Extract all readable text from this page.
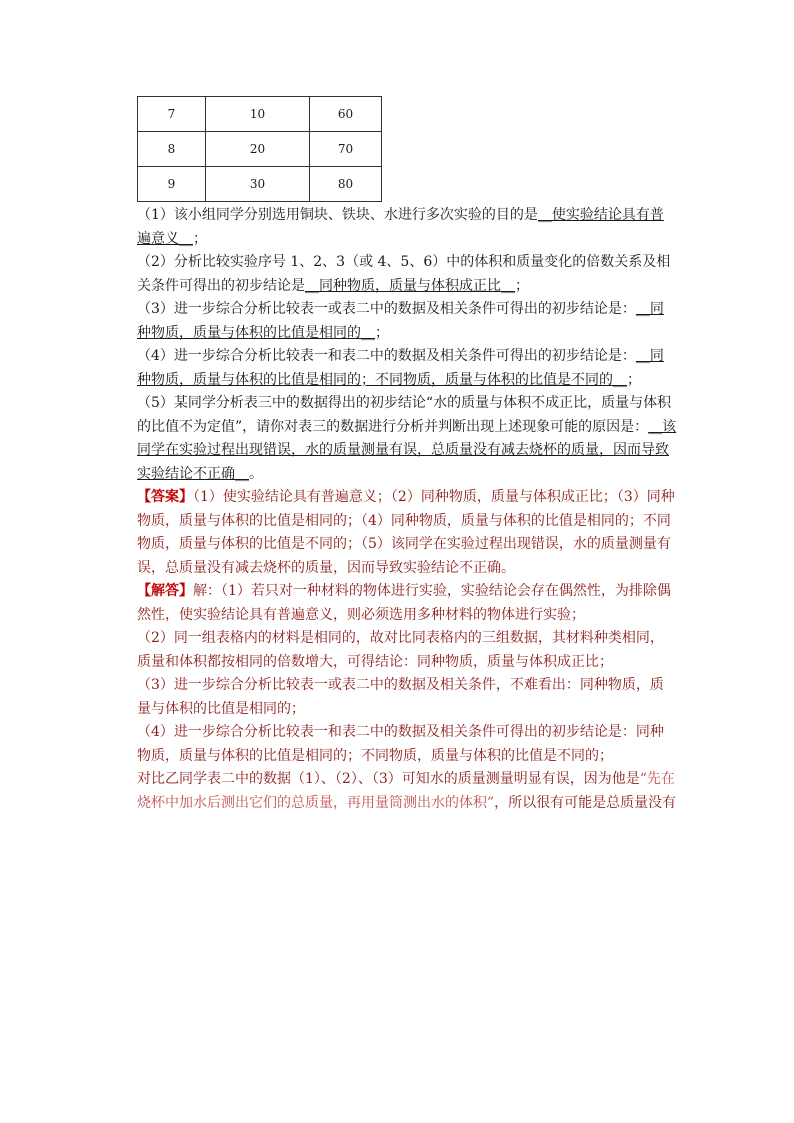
7	10	60
8	20	70
9	30	80

（1）该小组同学分别选用铜块、铁块、水进行多次实验的目的是__使实验结论具有普遍意义__；

（2）分析比较实验序号 1、2、3（或 4、5、6）中的体积和质量变化的倍数关系及相关条件可得出的初步结论是__同种物质，质量与体积成正比__；

（3）进一步综合分析比较表一或表二中的数据及相关条件可得出的初步结论是：__同种物质，质量与体积的比值是相同的__；

（4）进一步综合分析比较表一和表二中的数据及相关条件可得出的初步结论是：__同种物质，质量与体积的比值是相同的；不同物质，质量与体积的比值是不同的__；

（5）某同学分析表三中的数据得出的初步结论“水的质量与体积不成正比，质量与体积的比值不为定值”，请你对表三的数据进行分析并判断出现上述现象可能的原因是：__该同学在实验过程出现错误，水的质量测量有误，总质量没有减去烧杯的质量，因而导致实验结论不正确__。

【答案】（1）使实验结论具有普遍意义；（2）同种物质，质量与体积成正比；（3）同种物质，质量与体积的比值是相同的；（4）同种物质，质量与体积的比值是相同的；不同物质，质量与体积的比值是不同的；（5）该同学在实验过程出现错误，水的质量测量有误，总质量没有减去烧杯的质量，因而导致实验结论不正确。

【解答】解：（1）若只对一种材料的物体进行实验，实验结论会存在偶然性，为排除偶然性，使实验结论具有普遍意义，则必须选用多种材料的物体进行实验；

（2）同一组表格内的材料是相同的，故对比同表格内的三组数据，其材料种类相同，质量和体积都按相同的倍数增大，可得结论：同种物质，质量与体积成正比；

（3）进一步综合分析比较表一或表二中的数据及相关条件，不难看出：同种物质，质量与体积的比值是相同的；

（4）进一步综合分析比较表一和表二中的数据及相关条件可得出的初步结论是：同种物质，质量与体积的比值是相同的；不同物质，质量与体积的比值是不同的；

对比乙同学表二中的数据（1）、（2）、（3）可知水的质量测量明显有误，因为他是“先在烧杯中加水后测出它们的总质量，再用量筒测出水的体积”，所以很有可能是总质量没有
